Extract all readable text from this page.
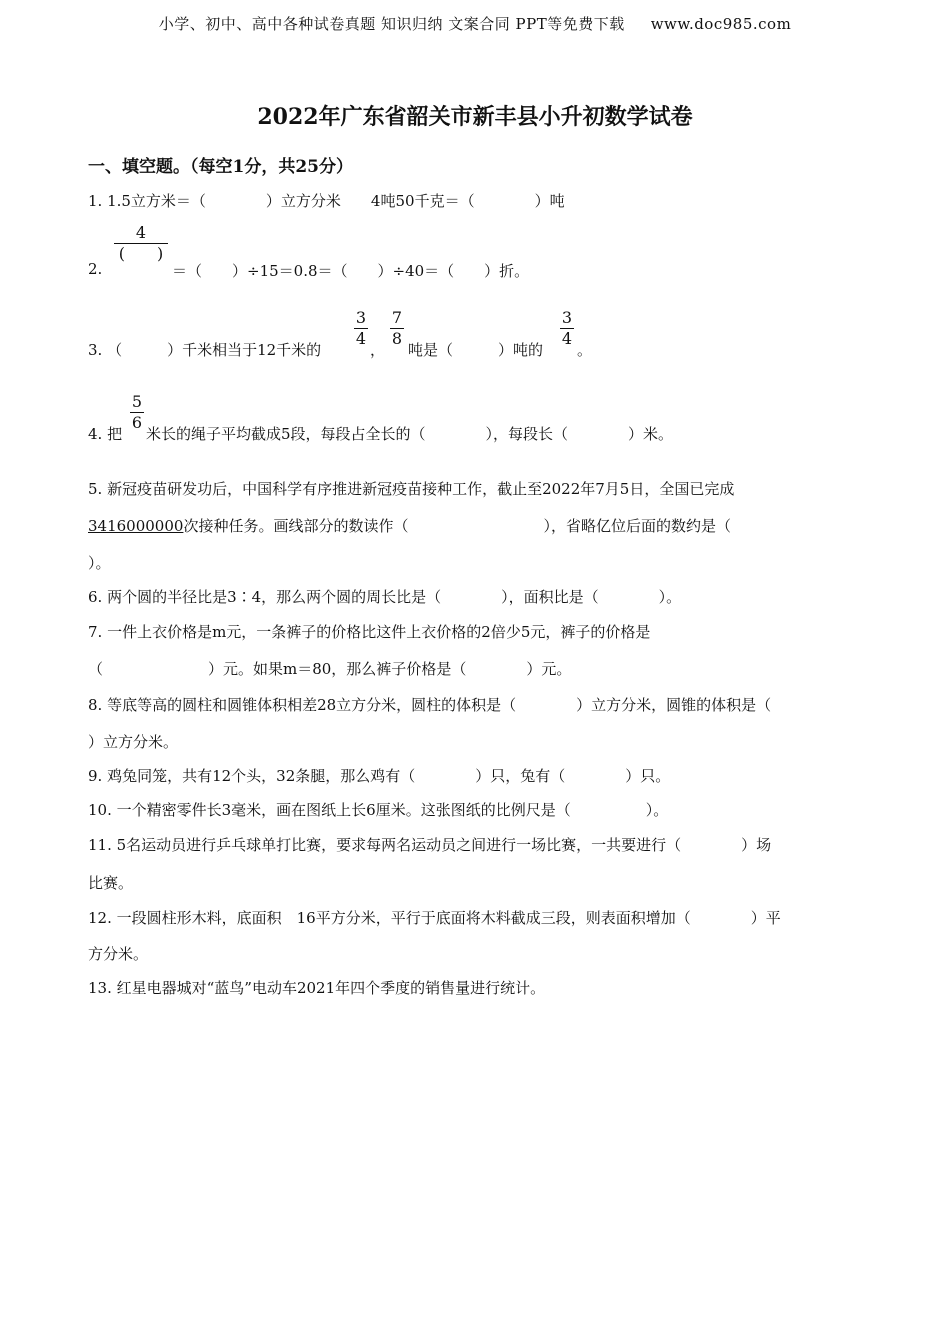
小学、初中、高中各种试卷真题 知识归纳 文案合同 PPT等免费下载 www.doc985.com
2022年广东省韶关市新丰县小升初数学试卷
一、填空题。（每空1分，共25分）
1. 1.5立方米＝（　　　　）立方分米　　4吨50千克＝（　　　　）吨
2.
4
(　　)
＝（　　）÷15＝0.8＝（　　）÷40＝（　　）折。
3. （　　　）千米相当于12千米的
3
4
，
7
8
吨是（　　　）吨的
3
4
。
4. 把
5
6
米长的绳子平均截成5段，每段占全长的（　　　　），每段长（　　　　）米。
5. 新冠疫苗研发功后，中国科学有序推进新冠疫苗接种工作，截止至2022年7月5日，全国已完成
3416000000次接种任务。画线部分的数读作（　　　　　　　　　），省略亿位后面的数约是（
）。
6. 两个圆的半径比是3∶4，那么两个圆的周长比是（　　　　），面积比是（　　　　）。
7. 一件上衣价格是m元，一条裤子的价格比这件上衣价格的2倍少5元，裤子的价格是
（　　　　　　　）元。如果m＝80，那么裤子价格是（　　　　）元。
8. 等底等高的圆柱和圆锥体积相差28立方分米，圆柱的体积是（　　　　）立方分米，圆锥的体积是（
）立方分米。
9. 鸡兔同笼，共有12个头，32条腿，那么鸡有（　　　　）只，兔有（　　　　）只。
10. 一个精密零件长3毫米，画在图纸上长6厘米。这张图纸的比例尺是（　　　　　）。
11. 5名运动员进行乒乓球单打比赛，要求每两名运动员之间进行一场比赛，一共要进行（　　　　）场
比赛。
12. 一段圆柱形木料，底面积　16平方分米，平行于底面将木料截成三段，则表面积增加（　　　　）平
方分米。
13. 红星电器城对“蓝鸟”电动车2021年四个季度的销售量进行统计。
